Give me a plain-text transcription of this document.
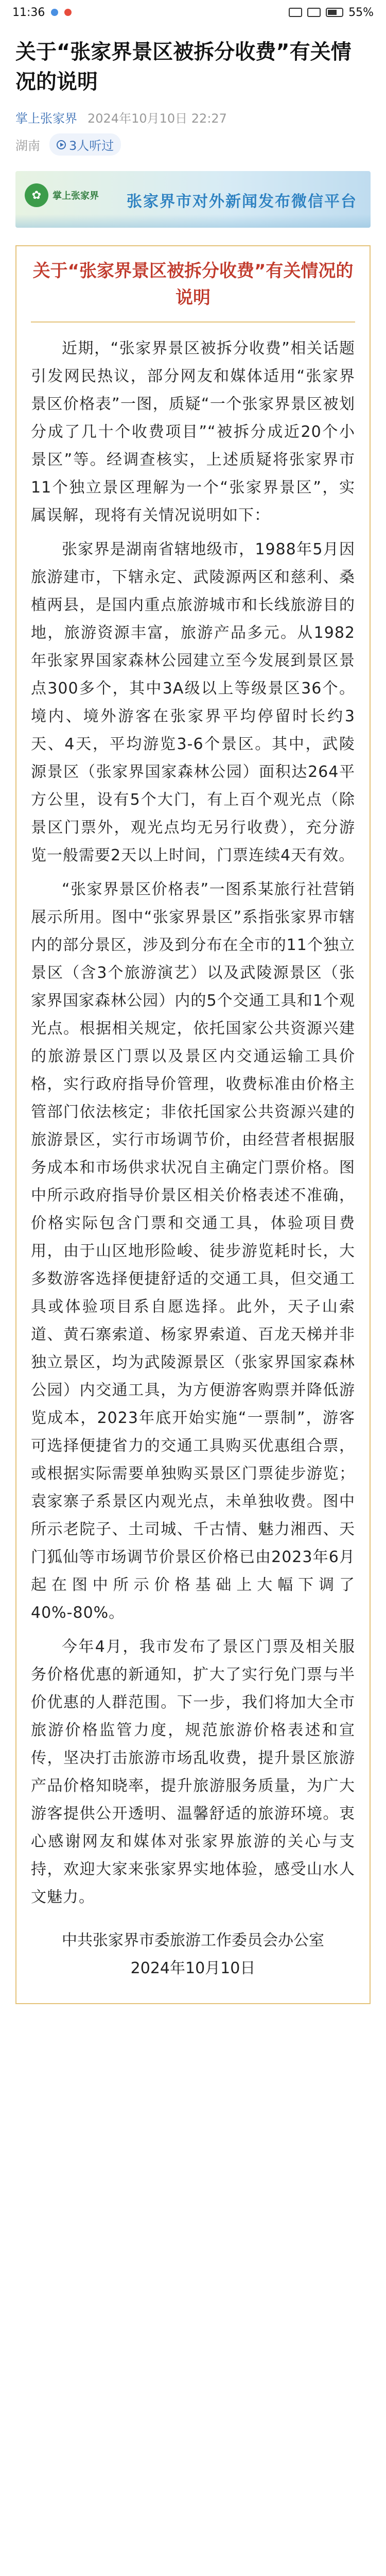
11:36	55%
关于“张家界景区被拆分收费”有关情况的说明
掌上张家界 2024年10月10日 22:27
湖南 3人听过
✿	掌上张家界 张家界市对外新闻发布微信平台
关于“张家界景区被拆分收费”有关情况的说明

近期，“张家界景区被拆分收费”相关话题引发网民热议，部分网友和媒体适用“张家界景区价格表”一图，质疑“一个张家界景区被划分成了几十个收费项目”“被拆分成近20个小景区”等。经调查核实，上述质疑将张家界市11个独立景区理解为一个“张家界景区”，实属误解，现将有关情况说明如下：

张家界是湖南省辖地级市，1988年5月因旅游建市，下辖永定、武陵源两区和慈利、桑植两县，是国内重点旅游城市和长线旅游目的地，旅游资源丰富，旅游产品多元。从1982年张家界国家森林公园建立至今发展到景区景点300多个，其中3A级以上等级景区36个。境内、境外游客在张家界平均停留时长约3天、4天，平均游览3-6个景区。其中，武陵源景区（张家界国家森林公园）面积达264平方公里，设有5个大门，有上百个观光点（除景区门票外，观光点均无另行收费），充分游览一般需要2天以上时间，门票连续4天有效。

“张家界景区价格表”一图系某旅行社营销展示所用。图中“张家界景区”系指张家界市辖内的部分景区，涉及到分布在全市的11个独立景区（含3个旅游演艺）以及武陵源景区（张家界国家森林公园）内的5个交通工具和1个观光点。根据相关规定，依托国家公共资源兴建的旅游景区门票以及景区内交通运输工具价格，实行政府指导价管理，收费标准由价格主管部门依法核定；非依托国家公共资源兴建的旅游景区，实行市场调节价，由经营者根据服务成本和市场供求状况自主确定门票价格。图中所示政府指导价景区相关价格表述不准确，价格实际包含门票和交通工具，体验项目费用，由于山区地形险峻、徒步游览耗时长，大多数游客选择便捷舒适的交通工具，但交通工具或体验项目系自愿选择。此外，天子山索道、黄石寨索道、杨家界索道、百龙天梯并非独立景区，均为武陵源景区（张家界国家森林公园）内交通工具，为方便游客购票并降低游览成本，2023年底开始实施“一票制”，游客可选择便捷省力的交通工具购买优惠组合票，或根据实际需要单独购买景区门票徒步游览；袁家寨子系景区内观光点，未单独收费。图中所示老院子、土司城、千古情、魅力湘西、天门狐仙等市场调节价景区价格已由2023年6月起在图中所示价格基础上大幅下调了40%-80%。

今年4月，我市发布了景区门票及相关服务价格优惠的新通知，扩大了实行免门票与半价优惠的人群范围。下一步，我们将加大全市旅游价格监管力度，规范旅游价格表述和宣传，坚决打击旅游市场乱收费，提升景区旅游产品价格知晓率，提升旅游服务质量，为广大游客提供公开透明、温馨舒适的旅游环境。衷心感谢网友和媒体对张家界旅游的关心与支持，欢迎大家来张家界实地体验，感受山水人文魅力。

中共张家界市委旅游工作委员会办公室
2024年10月10日
